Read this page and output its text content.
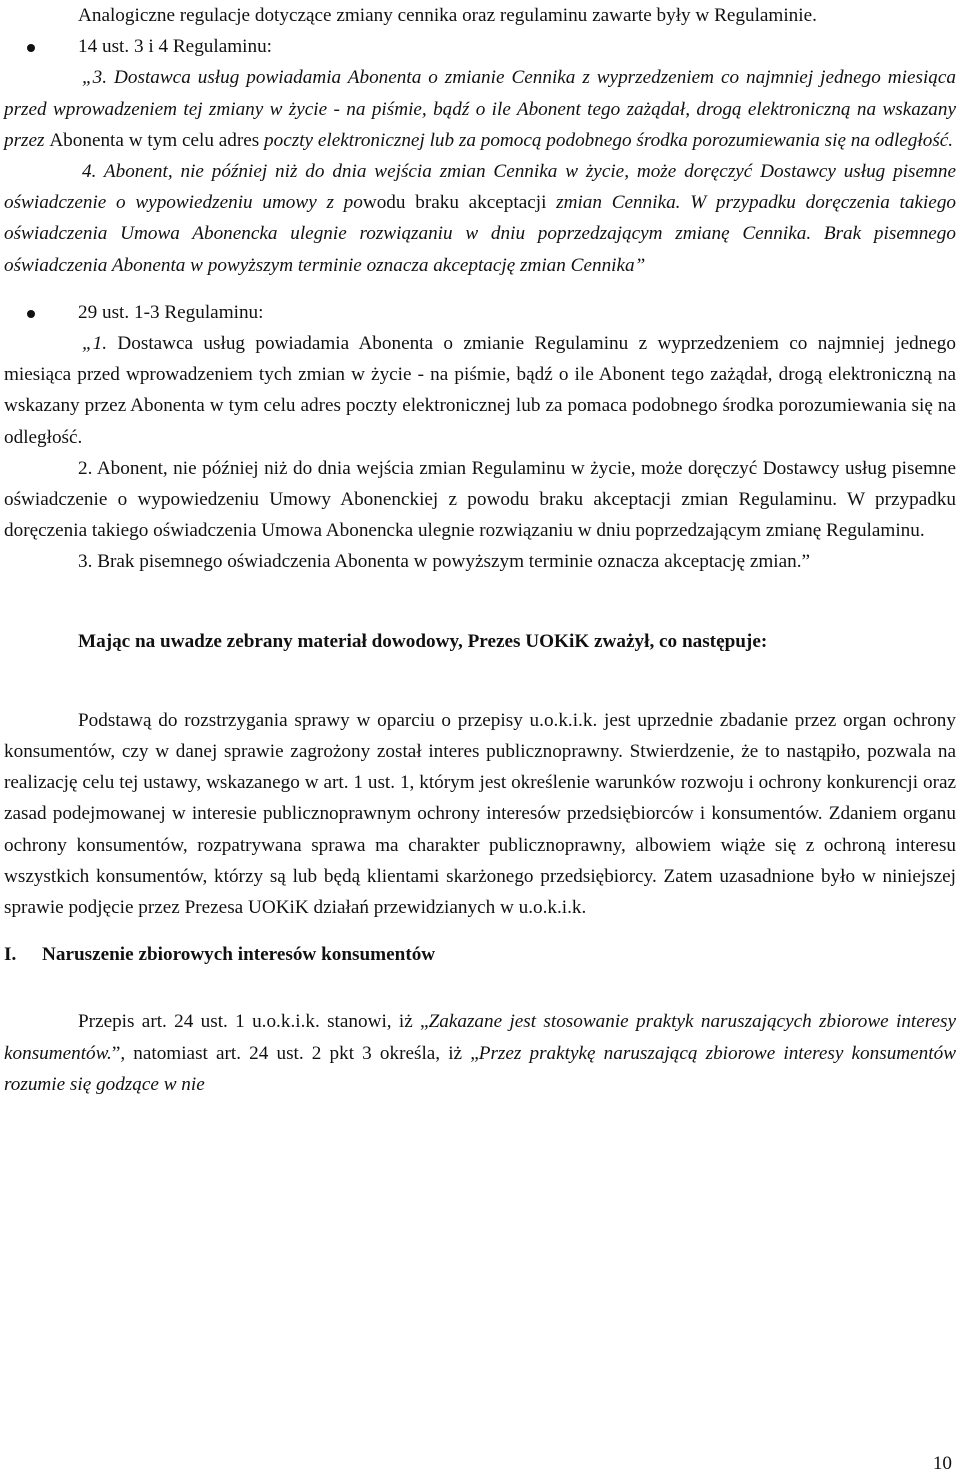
Analogiczne regulacje dotyczące zmiany cennika oraz regulaminu zawarte były w Regulaminie.

14 ust. 3 i 4 Regulaminu:

„3. Dostawca usług powiadamia Abonenta o zmianie Cennika z wyprzedzeniem co najmniej jednego miesiąca przed wprowadzeniem tej zmiany w życie - na piśmie, bądź o ile Abonent tego zażądał, drogą elektroniczną na wskazany przez Abonenta w tym celu adres poczty elektronicznej lub za pomocą podobnego środka porozumiewania się na odległość.

4. Abonent, nie później niż do dnia wejścia zmian Cennika w życie, może doręczyć Dostawcy usług pisemne oświadczenie o wypowiedzeniu umowy z powodu braku akceptacji zmian Cennika. W przypadku doręczenia takiego oświadczenia Umowa Abonencka ulegnie rozwiązaniu w dniu poprzedzającym zmianę Cennika. Brak pisemnego oświadczenia Abonenta w powyższym terminie oznacza akceptację zmian Cennika”

29 ust. 1-3 Regulaminu:

„1. Dostawca usług powiadamia Abonenta o zmianie Regulaminu z wyprzedzeniem co najmniej jednego miesiąca przed wprowadzeniem tych zmian w życie - na piśmie, bądź o ile Abonent tego zażądał, drogą elektroniczną na wskazany przez Abonenta w tym celu adres poczty elektronicznej lub za pomaca podobnego środka porozumiewania się na odległość.

2. Abonent, nie później niż do dnia wejścia zmian Regulaminu w życie, może doręczyć Dostawcy usług pisemne oświadczenie o wypowiedzeniu Umowy Abonenckiej z powodu braku akceptacji zmian Regulaminu. W przypadku doręczenia takiego oświadczenia Umowa Abonencka ulegnie rozwiązaniu w dniu poprzedzającym zmianę Regulaminu.

3. Brak pisemnego oświadczenia Abonenta w powyższym terminie oznacza akceptację zmian.”

Mając na uwadze zebrany materiał dowodowy, Prezes UOKiK zważył, co następuje:

Podstawą do rozstrzygania sprawy w oparciu o przepisy u.o.k.i.k. jest uprzednie zbadanie przez organ ochrony konsumentów, czy w danej sprawie zagrożony został interes publicznoprawny. Stwierdzenie, że to nastąpiło, pozwala na realizację celu tej ustawy, wskazanego w art. 1 ust. 1, którym jest określenie warunków rozwoju i ochrony konkurencji oraz zasad podejmowanej w interesie publicznoprawnym ochrony interesów przedsiębiorców i konsumentów. Zdaniem organu ochrony konsumentów, rozpatrywana sprawa ma charakter publicznoprawny, albowiem wiąże się z ochroną interesu wszystkich konsumentów, którzy są lub będą klientami skarżonego przedsiębiorcy. Zatem uzasadnione było w niniejszej sprawie podjęcie przez Prezesa UOKiK działań przewidzianych w u.o.k.i.k.

I. Naruszenie zbiorowych interesów konsumentów

Przepis art. 24 ust. 1 u.o.k.i.k. stanowi, iż „Zakazane jest stosowanie praktyk naruszających zbiorowe interesy konsumentów.”, natomiast art. 24 ust. 2 pkt 3 określa, iż „Przez praktykę naruszającą zbiorowe interesy konsumentów rozumie się godzące w nie

10
